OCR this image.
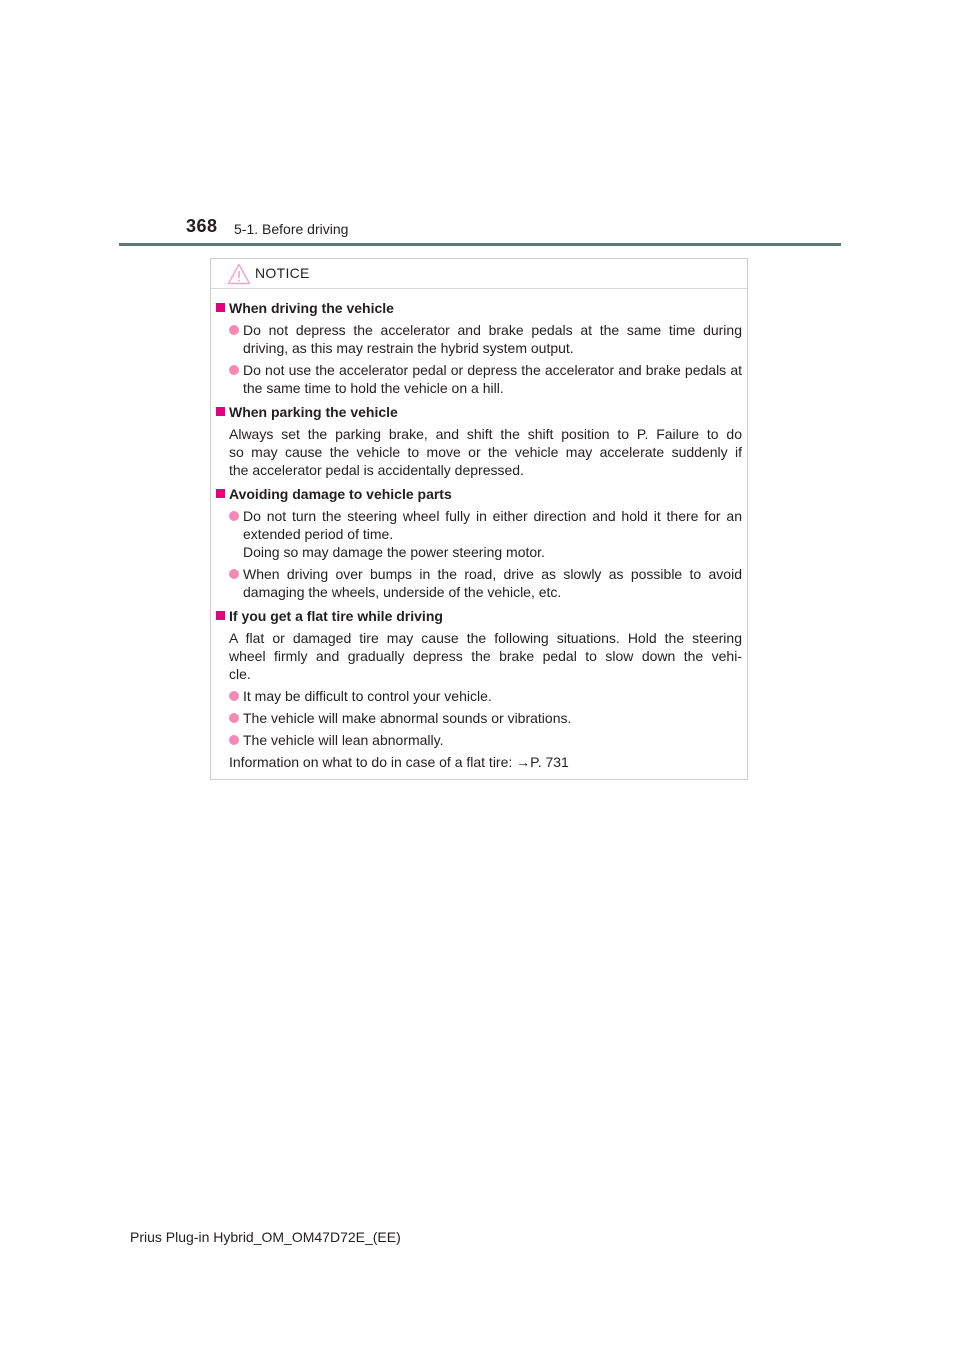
368 5-1. Before driving
NOTICE
When driving the vehicle
Do not depress the accelerator and brake pedals at the same time during driving, as this may restrain the hybrid system output.
Do not use the accelerator pedal or depress the accelerator and brake pedals at the same time to hold the vehicle on a hill.
When parking the vehicle
Always set the parking brake, and shift the shift position to P. Failure to do
so may cause the vehicle to move or the vehicle may accelerate suddenly if
the accelerator pedal is accidentally depressed.
Avoiding damage to vehicle parts
Do not turn the steering wheel fully in either direction and hold it there for an extended period of time.
Doing so may damage the power steering motor.
When driving over bumps in the road, drive as slowly as possible to avoid damaging the wheels, underside of the vehicle, etc.
If you get a flat tire while driving
A flat or damaged tire may cause the following situations. Hold the steering
wheel firmly and gradually depress the brake pedal to slow down the vehi-
cle.
It may be difficult to control your vehicle.
The vehicle will make abnormal sounds or vibrations.
The vehicle will lean abnormally.
Information on what to do in case of a flat tire: →P. 731
Prius Plug-in Hybrid_OM_OM47D72E_(EE)
